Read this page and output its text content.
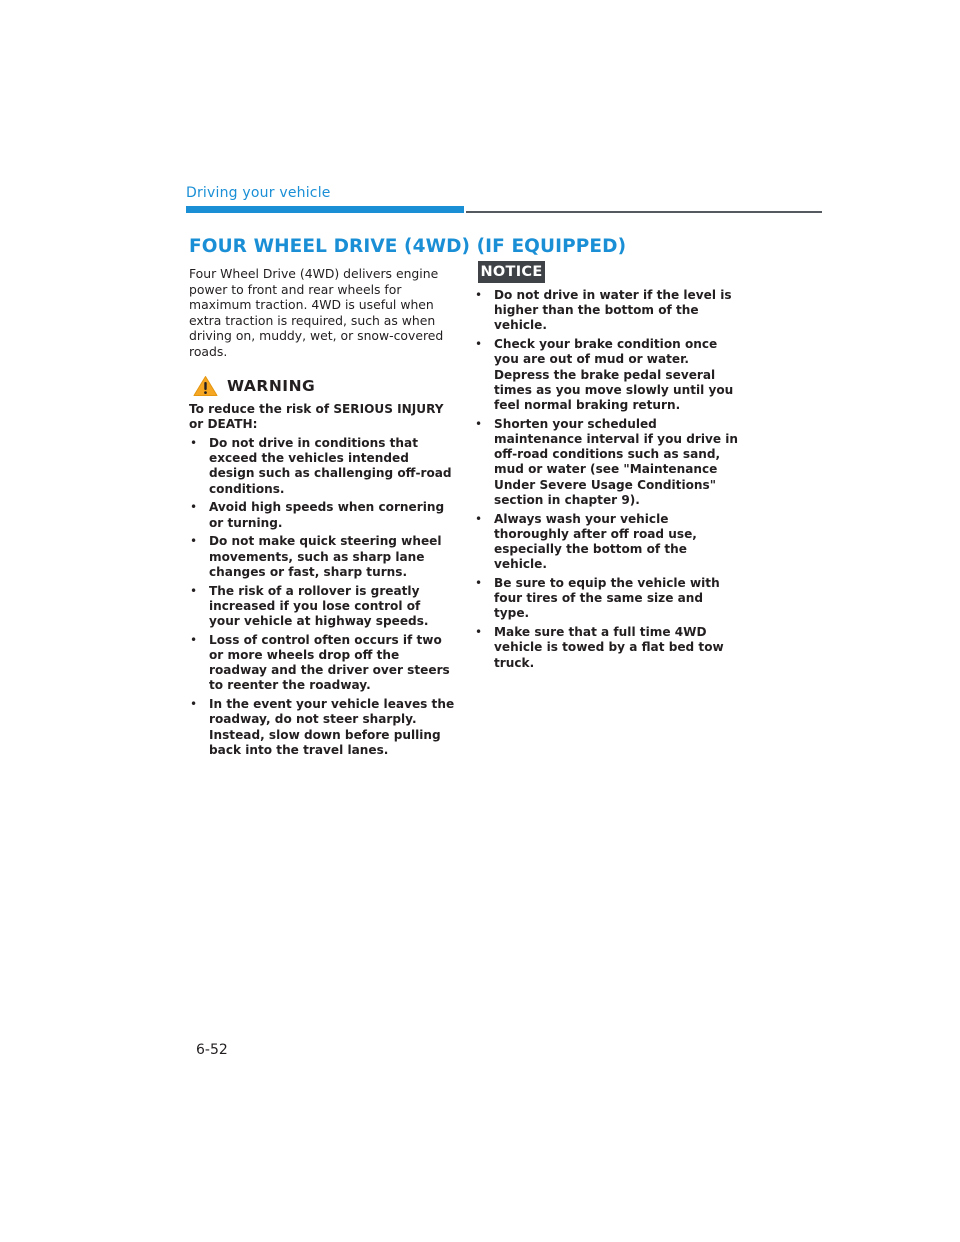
Driving your vehicle
FOUR WHEEL DRIVE (4WD) (IF EQUIPPED)

Four Wheel Drive (4WD) delivers engine power to front and rear wheels for maximum traction. 4WD is useful when extra traction is required, such as when driving on, muddy, wet, or snow-covered roads.

WARNING

To reduce the risk of SERIOUS INJURY or DEATH:

• Do not drive in conditions that exceed the vehicles intended design such as challenging off-road conditions.
• Avoid high speeds when cornering or turning.
• Do not make quick steering wheel movements, such as sharp lane changes or fast, sharp turns.
• The risk of a rollover is greatly increased if you lose control of your vehicle at highway speeds.
• Loss of control often occurs if two or more wheels drop off the roadway and the driver over steers to reenter the roadway.
• In the event your vehicle leaves the roadway, do not steer sharply. Instead, slow down before pulling back into the travel lanes.
NOTICE
• Do not drive in water if the level is higher than the bottom of the vehicle.
• Check your brake condition once you are out of mud or water. Depress the brake pedal several times as you move slowly until you feel normal braking return.
• Shorten your scheduled maintenance interval if you drive in off-road conditions such as sand, mud or water (see "Maintenance Under Severe Usage Conditions" section in chapter 9).
• Always wash your vehicle thoroughly after off road use, especially the bottom of the vehicle.
• Be sure to equip the vehicle with four tires of the same size and type.
• Make sure that a full time 4WD vehicle is towed by a flat bed tow truck.
6-52
